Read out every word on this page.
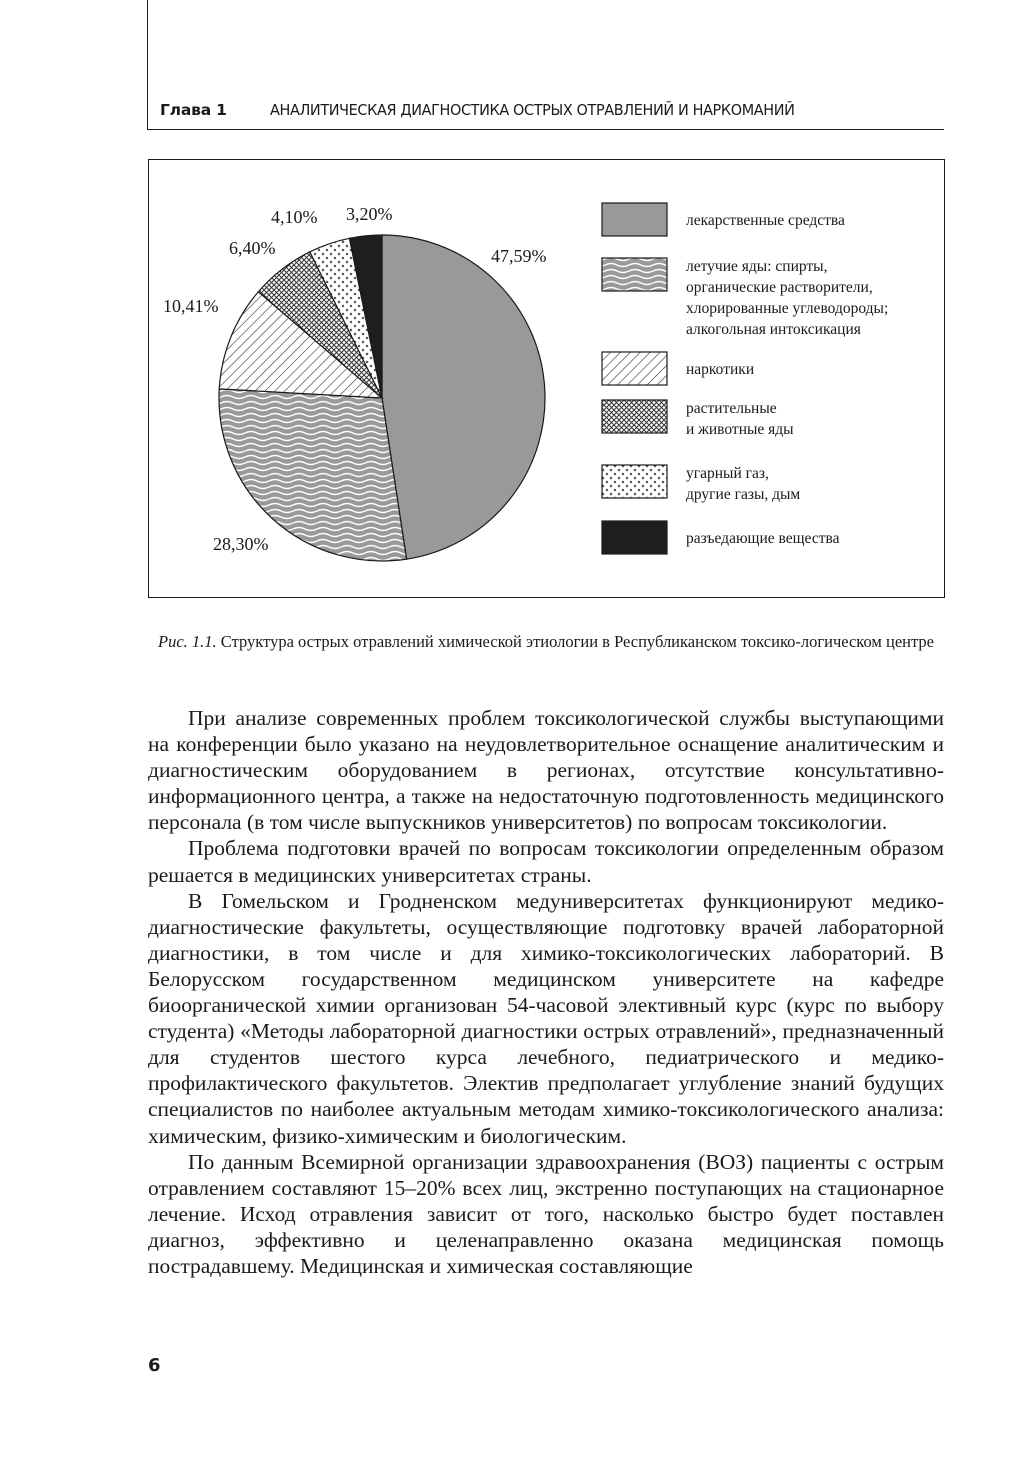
Глава 1	АНАЛИТИЧЕСКАЯ ДИАГНОСТИКА ОСТРЫХ ОТРАВЛЕНИЙ И НАРКОМАНИЙ
47,59%
28,30%
10,41%
6,40%
4,10% 3,20%	лекарственные средства
летучие яды: спирты,
органические растворители,
хлорированные углеводороды;
алкогольная интоксикация
наркотики
растительные
и животные яды
угарный газ,
другие газы, дым
разъедающие вещества
Рис. 1.1. Структура острых отравлений химической этиологии в Республиканском токсико-логическом центре

При анализе современных проблем токсикологической службы выступающими на конференции было указано на неудовлетворительное оснащение аналитическим и диагностическим оборудованием в регионах, отсутствие консультативно-информационного центра, а также на недостаточную подготовленность медицинского персонала (в том числе выпускников университетов) по вопросам токсикологии.

Проблема подготовки врачей по вопросам токсикологии определенным образом решается в медицинских университетах страны.

В Гомельском и Гродненском медуниверситетах функционируют медико-диагностические факультеты, осуществляющие подготовку врачей лабораторной диагностики, в том числе и для химико-токсикологических лабораторий. В Белорусском государственном медицинском университете на кафедре биоорганической химии организован 54-часовой элективный курс (курс по выбору студента) «Методы лабораторной диагностики острых отравлений», предназначенный для студентов шестого курса лечебного, педиатрического и медико-профилактического факультетов. Электив предполагает углубление знаний будущих специалистов по наиболее актуальным методам химико-токсикологического анализа: химическим, физико-химическим и биологическим.

По данным Всемирной организации здравоохранения (ВОЗ) пациенты с острым отравлением составляют 15–20% всех лиц, экстренно поступающих на стационарное лечение. Исход отравления зависит от того, насколько быстро будет поставлен диагноз, эффективно и целенаправленно оказана медицинская помощь пострадавшему. Медицинская и химическая составляющие

6
